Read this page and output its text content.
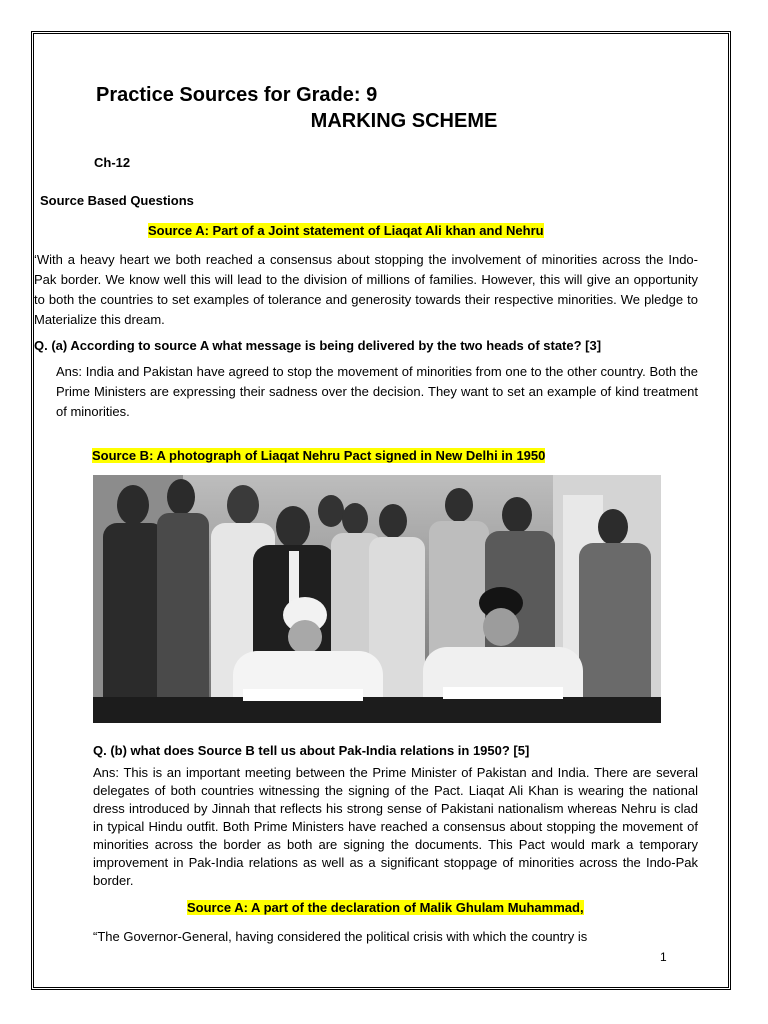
Practice Sources for Grade: 9
MARKING SCHEME
Ch-12
Source Based Questions
Source A: Part of a Joint statement of Liaqat Ali khan and Nehru
‘With a heavy heart we both reached a consensus about stopping the involvement of minorities across the Indo-Pak border. We know well this will lead to the division of millions of families. However, this will give an opportunity to both the countries to set examples of tolerance and generosity towards their respective minorities. We pledge to Materialize this dream.
Q. (a) According to source A what message is being delivered by the two heads of state? [3]
Ans: India and Pakistan have agreed to stop the movement of minorities from one to the other country. Both the Prime Ministers are expressing their sadness over the decision. They want to set an example of kind treatment of minorities.
Source B: A photograph of Liaqat Nehru Pact signed in New Delhi in 1950
Q. (b) what does Source B tell us about Pak-India relations in 1950? [5]
Ans: This is an important meeting between the Prime Minister of Pakistan and India. There are several delegates of both countries witnessing the signing of the Pact. Liaqat Ali Khan is wearing the national dress introduced by Jinnah that reflects his strong sense of Pakistani nationalism whereas Nehru is clad in typical Hindu outfit. Both Prime Ministers have reached a consensus about stopping the movement of minorities across the border as both are signing the documents. This Pact would mark a temporary improvement in Pak-India relations as well as a significant stoppage of minorities across the Indo-Pak border.
Source A: A part of the declaration of Malik Ghulam Muhammad,
“The Governor-General, having considered the political crisis with which the country is
1
